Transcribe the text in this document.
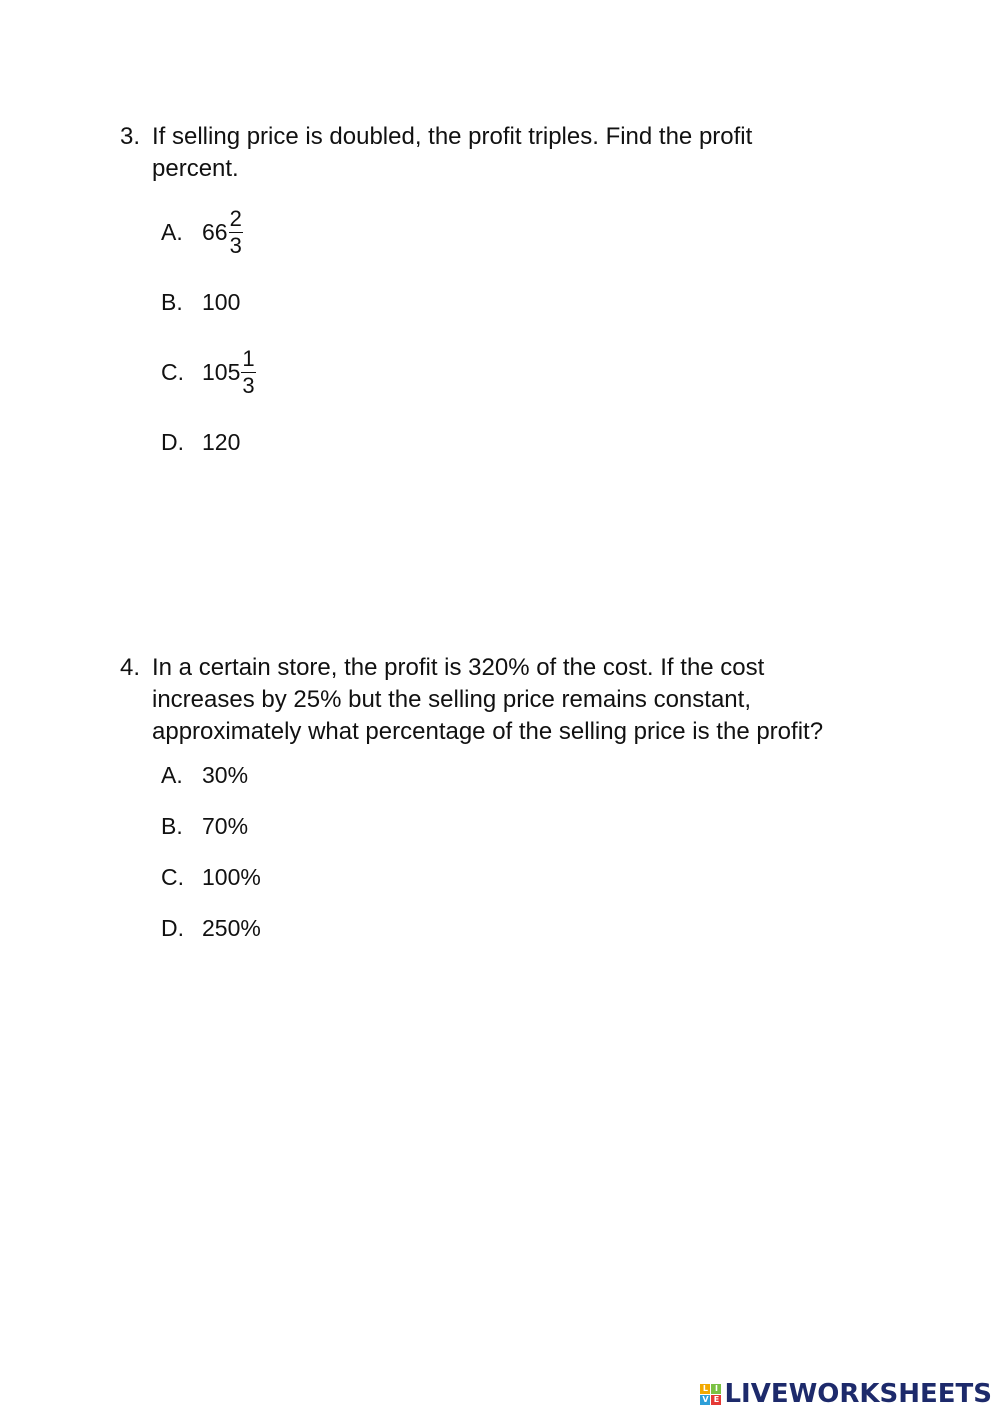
3. If selling price is doubled, the profit triples. Find the profit
percent.
A. $66 \frac{2}{3}$
B. 100
C. $105 \frac{1}{3}$
D. 120
4. In a certain store, the profit is 320% of the cost. If the cost
increases by 25% but the selling price remains constant,
approximately what percentage of the selling price is the profit?
A. 30%
B. 70%
C. 100%
D. 250%
L I
V E LIVEWORKSHEETS
